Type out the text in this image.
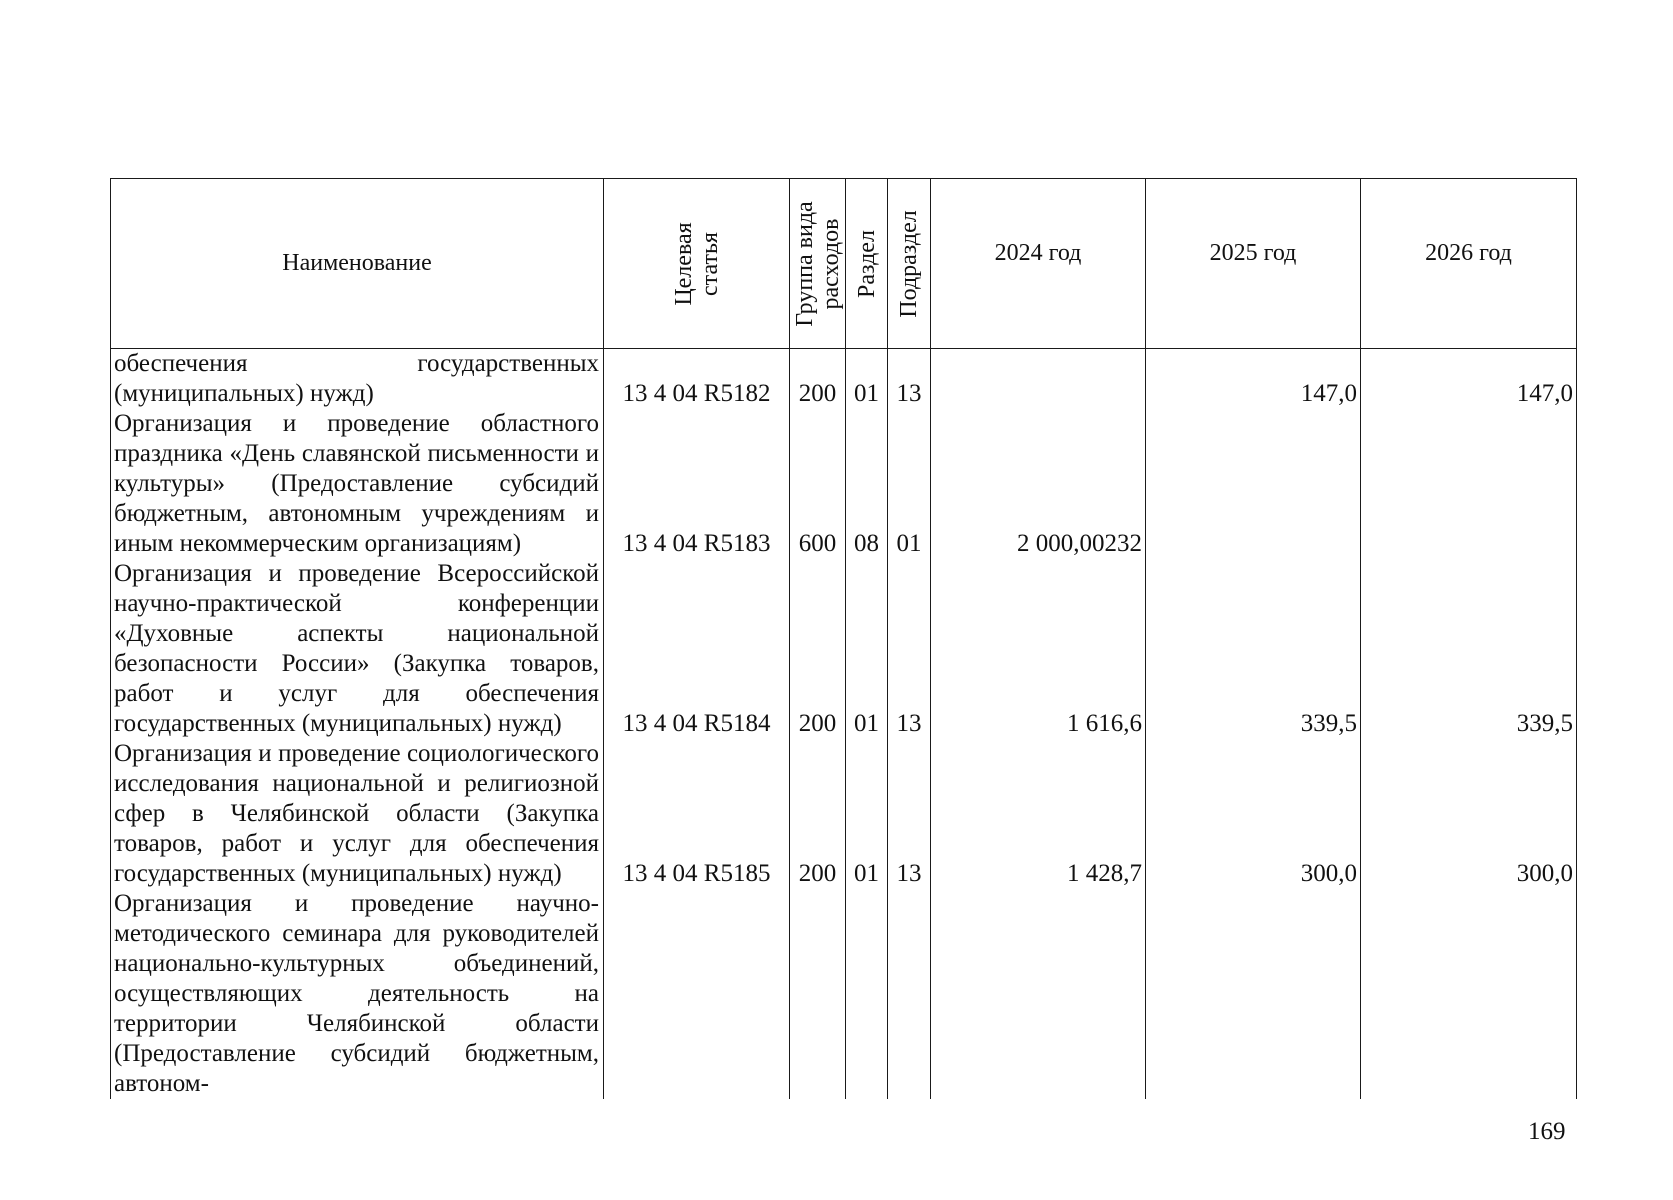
Наименование	Целевая статья	Группа вида расходов	Раздел	Подраздел	2024 год	2025 год	2026 год
обеспечения государственных (муниципальных) нужд)	13 4 04 R5182	200	01	13		147,0	147,0
Организация и проведение областного праздника «День славянской письменности и культуры» (Предоставление субсидий бюджетным, автономным учреждениям и иным некоммерческим организациям)	13 4 04 R5183	600	08	01	2 000,00232		
Организация и проведение Всероссийской научно-практической конференции «Духовные аспекты национальной безопасности России» (Закупка товаров, работ и услуг для обеспечения государственных (муниципальных) нужд)	13 4 04 R5184	200	01	13	1 616,6	339,5	339,5
Организация и проведение социологического исследования национальной и религиозной сфер в Челябинской области (Закупка товаров, работ и услуг для обеспечения государственных (муниципальных) нужд)	13 4 04 R5185	200	01	13	1 428,7	300,0	300,0
Организация и проведение научно-методического семинара для руководителей национально-культурных объединений, осуществляющих деятельность на территории Челябинской области (Предоставление субсидий бюджетным, автоном-							
169
